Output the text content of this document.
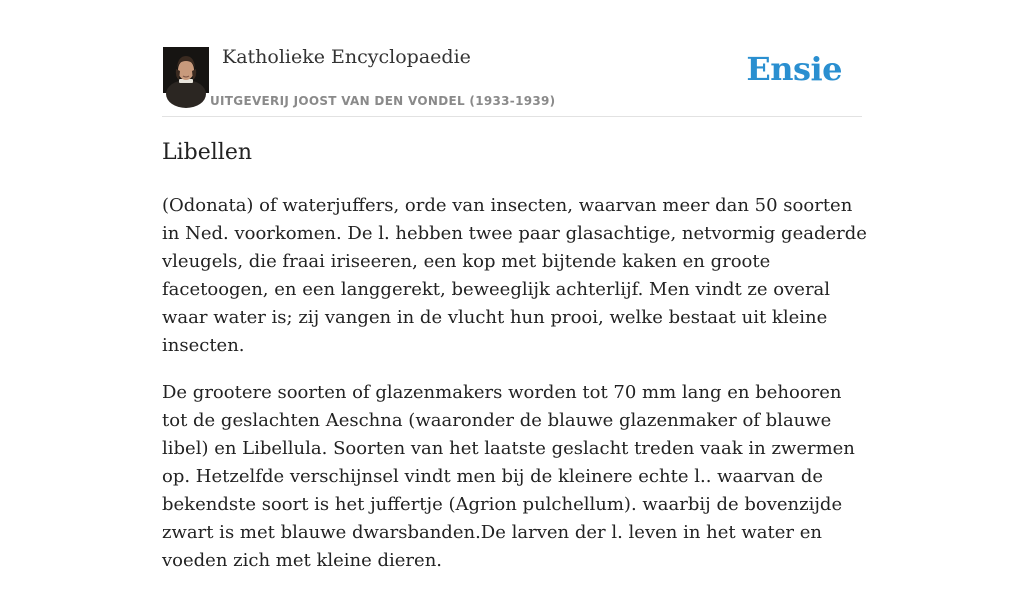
Katholieke Encyclopaedie
UITGEVERIJ JOOST VAN DEN VONDEL (1933-1939)
Ensie
Libellen

(Odonata) of waterjuffers, orde van insecten, waarvan meer dan 50 soorten in Ned. voorkomen. De l. hebben twee paar glasachtige, netvormig geaderde vleugels, die fraai iriseeren, een kop met bijtende kaken en groote facetoogen, en een langgerekt, beweeglijk achterlijf. Men vindt ze overal waar water is; zij vangen in de vlucht hun prooi, welke bestaat uit kleine insecten.

De grootere soorten of glazenmakers worden tot 70 mm lang en behooren tot de geslachten Aeschna (waaronder de blauwe glazenmaker of blauwe libel) en Libellula. Soorten van het laatste geslacht treden vaak in zwermen op. Hetzelfde verschijnsel vindt men bij de kleinere echte l.. waarvan de bekendste soort is het juffertje (Agrion pulchellum). waarbij de bovenzijde zwart is met blauwe dwarsbanden.De larven der l. leven in het water en voeden zich met kleine dieren.
